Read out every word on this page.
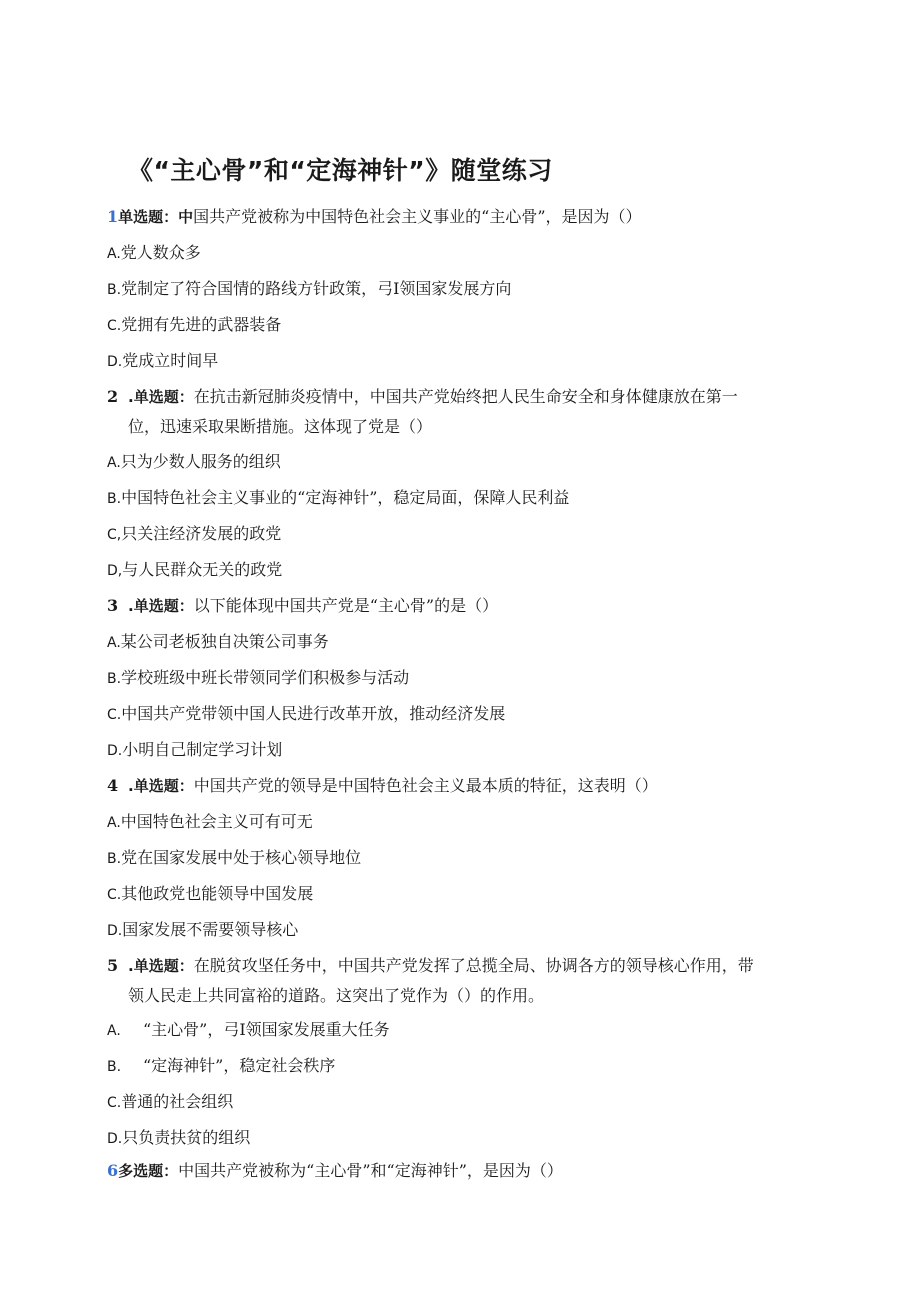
《“主心骨”和“定海神针”》随堂练习
1单选题：中国共产党被称为中国特色社会主义事业的“主心骨”，是因为（）
A.党人数众多
B.党制定了符合国情的路线方针政策，弓I领国家发展方向
C.党拥有先进的武器装备
D.党成立时间早
2 .单选题：在抗击新冠肺炎疫情中，中国共产党始终把人民生命安全和身体健康放在第一
位，迅速采取果断措施。这体现了党是（）
A.只为少数人服务的组织
B.中国特色社会主义事业的“定海神针”，稳定局面，保障人民利益
C,只关注经济发展的政党
D,与人民群众无关的政党
3 .单选题：以下能体现中国共产党是“主心骨”的是（）
A.某公司老板独自决策公司事务
B.学校班级中班长带领同学们积极参与活动
C.中国共产党带领中国人民进行改革开放，推动经济发展
D.小明自己制定学习计划
4 .单选题：中国共产党的领导是中国特色社会主义最本质的特征，这表明（）
A.中国特色社会主义可有可无
B.党在国家发展中处于核心领导地位
C.其他政党也能领导中国发展
D.国家发展不需要领导核心
5 .单选题：在脱贫攻坚任务中，中国共产党发挥了总揽全局、协调各方的领导核心作用，带
领人民走上共同富裕的道路。这突出了党作为（）的作用。
A. “主心骨”，弓I领国家发展重大任务
B. “定海神针”，稳定社会秩序
C.普通的社会组织
D.只负责扶贫的组织
6多选题：中国共产党被称为“主心骨”和“定海神针”，是因为（）
